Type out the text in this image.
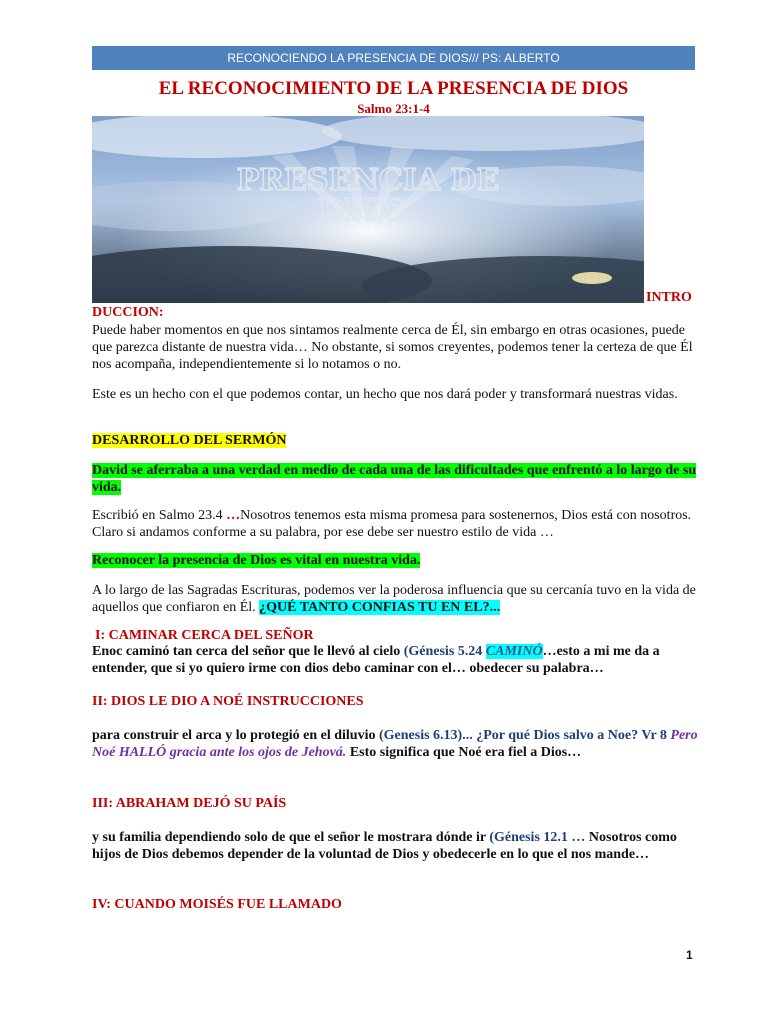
RECONOCIENDO LA PRESENCIA DE DIOS/// PS: ALBERTO
EL RECONOCIMIENTO DE LA PRESENCIA DE DIOS
Salmo 23:1-4
PRESENCIA DE
DIOS
INTRO
DUCCION:
Puede haber momentos en que nos sintamos realmente cerca de Él, sin embargo en otras ocasiones, puede que parezca distante de nuestra vida… No obstante, si somos creyentes, podemos tener la certeza de que Él nos acompaña, independientemente si lo notamos o no.
Este es un hecho con el que podemos contar, un hecho que nos dará poder y transformará nuestras vidas.
DESARROLLO DEL SERMÓN
David se aferraba a una verdad en medio de cada una de las dificultades que enfrentó a lo largo de su vida.
Escribió en Salmo 23.4 …Nosotros tenemos esta misma promesa para sostenernos, Dios está con nosotros. Claro si andamos conforme a su palabra, por ese debe ser nuestro estilo de vida …
Reconocer la presencia de Dios es vital en nuestra vida.
A lo largo de las Sagradas Escrituras, podemos ver la poderosa influencia que su cercanía tuvo en la vida de aquellos que confiaron en Él. ¿QUÉ TANTO CONFIAS TU EN EL?...
I: CAMINAR CERCA DEL SEÑOR
Enoc caminó tan cerca del señor que le llevó al cielo (Génesis 5.24 CAMINÓ…esto a mi me da a entender, que si yo quiero irme con dios debo caminar con el… obedecer su palabra…
II: DIOS LE DIO A NOÉ INSTRUCCIONES
para construir el arca y lo protegió en el diluvio (Genesis 6.13)... ¿Por qué Dios salvo a Noe? Vr 8 Pero Noé HALLÓ gracia ante los ojos de Jehová. Esto significa que Noé era fiel a Dios…
III: ABRAHAM DEJÓ SU PAÍS
y su familia dependiendo solo de que el señor le mostrara dónde ir (Génesis 12.1 … Nosotros como hijos de Dios debemos depender de la voluntad de Dios y obedecerle en lo que el nos mande…
IV: CUANDO MOISÉS FUE LLAMADO
1
